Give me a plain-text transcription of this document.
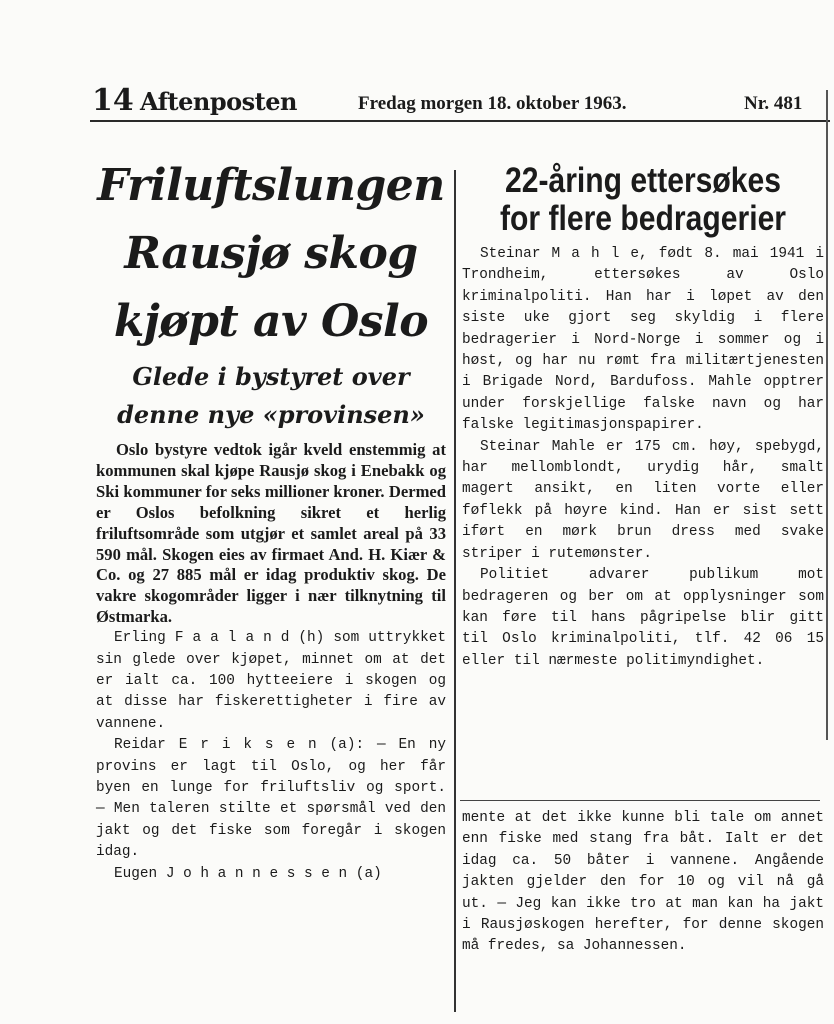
14 Aftenposten	Fredag morgen 18. oktober 1963.	Nr. 481
Friluftslungen
Rausjø skog
kjøpt av Oslo
Glede i bystyret over
denne nye «provinsen»

Oslo bystyre vedtok igår kveld enstemmig at kommunen skal kjøpe Rausjø skog i Enebakk og Ski kommuner for seks millioner kroner. Dermed er Oslos befolkning sikret et herlig friluftsområde som utgjør et samlet areal på 33 590 mål. Skogen eies av firmaet And. H. Kiær & Co. og 27 885 mål er idag produktiv skog. De vakre skogområder ligger i nær tilknytning til Østmarka.

Erling F a a l a n d (h) som uttrykket sin glede over kjøpet, minnet om at det er ialt ca. 100 hytteeiere i skogen og at disse har fiskerettigheter i fire av vannene.

Reidar E r i k s e n (a): — En ny provins er lagt til Oslo, og her får byen en lunge for friluftsliv og sport. — Men taleren stilte et spørsmål ved den jakt og det fiske som foregår i skogen idag.

Eugen J o h a n n e s s e n (a)

22-åring ettersøkes
for flere bedragerier

Steinar M a h l e, født 8. mai 1941 i Trondheim, ettersøkes av Oslo kriminalpoliti. Han har i løpet av den siste uke gjort seg skyldig i flere bedragerier i Nord-Norge i sommer og i høst, og har nu rømt fra militærtjenesten i Brigade Nord, Bardufoss. Mahle opptrer under forskjellige falske navn og har falske legitimasjonspapirer.

Steinar Mahle er 175 cm. høy, spebygd, har mellomblondt, urydig hår, smalt magert ansikt, en liten vorte eller føflekk på høyre kind. Han er sist sett iført en mørk brun dress med svake striper i rutemønster.

Politiet advarer publikum mot bedrageren og ber om at opplysninger som kan føre til hans pågripelse blir gitt til Oslo kriminalpoliti, tlf. 42 06 15 eller til nærmeste politimyndighet.

mente at det ikke kunne bli tale om annet enn fiske med stang fra båt. Ialt er det idag ca. 50 båter i vannene. Angående jakten gjelder den for 10 og vil nå gå ut. — Jeg kan ikke tro at man kan ha jakt i Rausjøskogen herefter, for denne skogen må fredes, sa Johannessen.
